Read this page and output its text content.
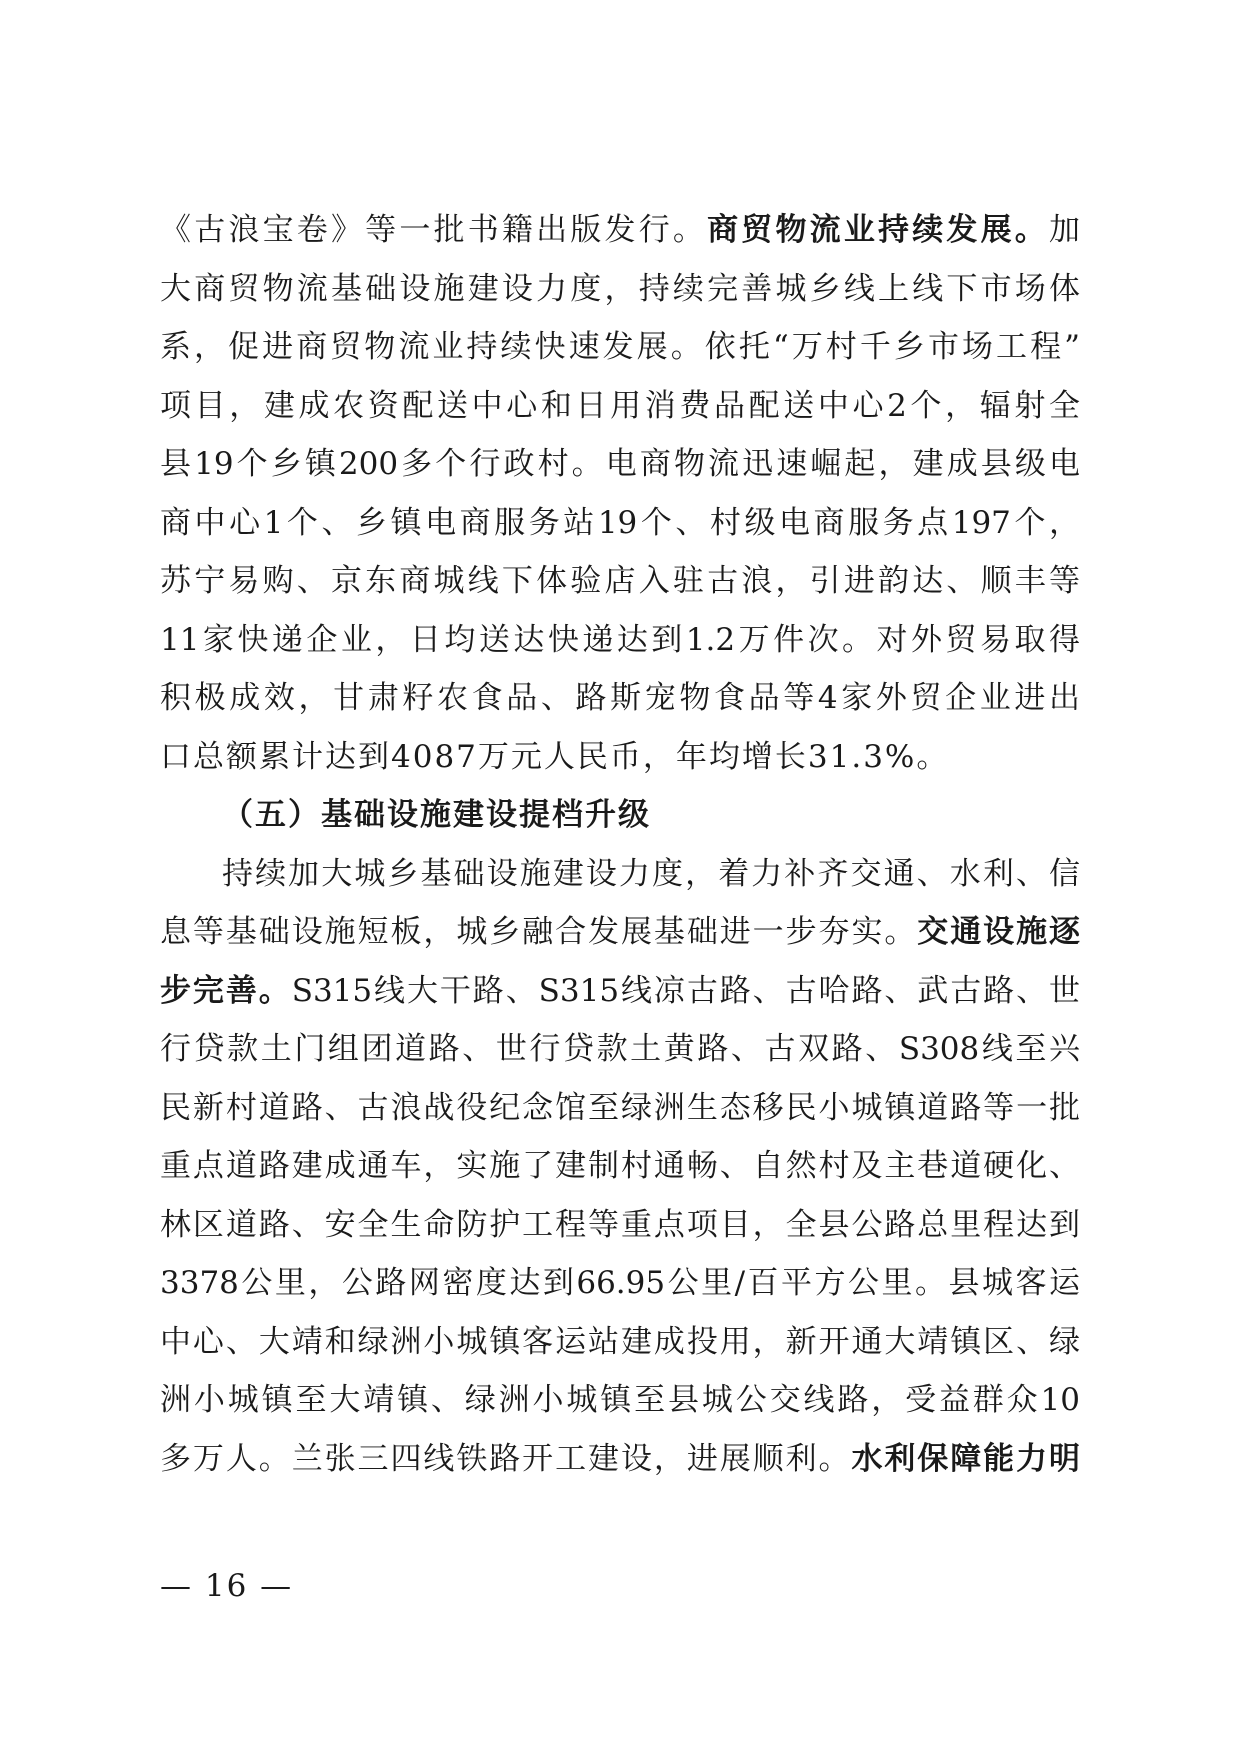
《古浪宝卷》等一批书籍出版发行。商贸物流业持续发展。加
大商贸物流基础设施建设力度，持续完善城乡线上线下市场体
系，促进商贸物流业持续快速发展。依托“万村千乡市场工程”
项目，建成农资配送中心和日用消费品配送中心2个，辐射全
县19个乡镇200多个行政村。电商物流迅速崛起，建成县级电
商中心1个、乡镇电商服务站19个、村级电商服务点197个，
苏宁易购、京东商城线下体验店入驻古浪，引进韵达、顺丰等
11家快递企业，日均送达快递达到1.2万件次。对外贸易取得
积极成效，甘肃籽农食品、路斯宠物食品等4家外贸企业进出
口总额累计达到4087万元人民币，年均增长31.3%。
（五）基础设施建设提档升级
持续加大城乡基础设施建设力度，着力补齐交通、水利、信
息等基础设施短板，城乡融合发展基础进一步夯实。交通设施逐
步完善。S315线大干路、S315线凉古路、古哈路、武古路、世
行贷款土门组团道路、世行贷款土黄路、古双路、S308线至兴
民新村道路、古浪战役纪念馆至绿洲生态移民小城镇道路等一批
重点道路建成通车，实施了建制村通畅、自然村及主巷道硬化、
林区道路、安全生命防护工程等重点项目，全县公路总里程达到
3378公里，公路网密度达到66.95公里/百平方公里。县城客运
中心、大靖和绿洲小城镇客运站建成投用，新开通大靖镇区、绿
洲小城镇至大靖镇、绿洲小城镇至县城公交线路，受益群众10
多万人。兰张三四线铁路开工建设，进展顺利。水利保障能力明
— 16 —
